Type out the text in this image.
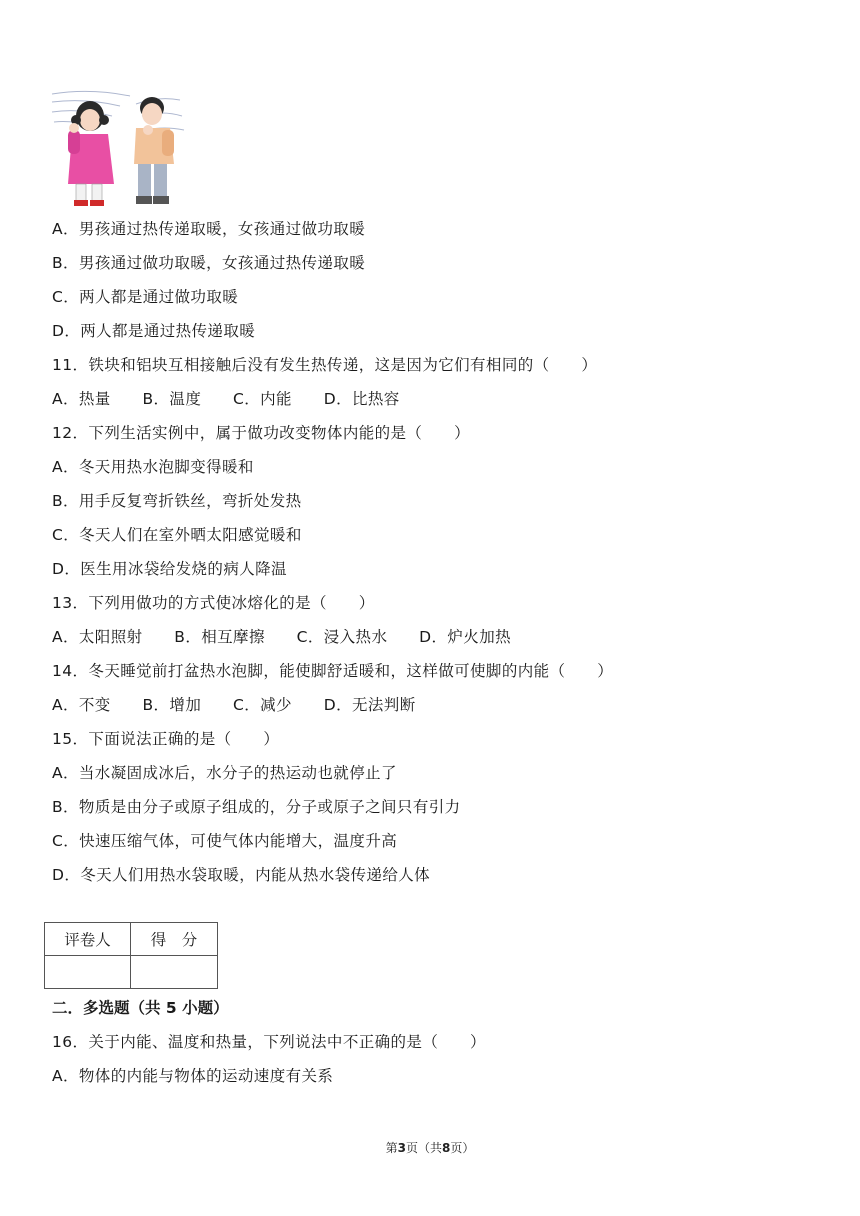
A．男孩通过热传递取暖，女孩通过做功取暖
B．男孩通过做功取暖，女孩通过热传递取暖
C．两人都是通过做功取暖
D．两人都是通过热传递取暖
11．铁块和铝块互相接触后没有发生热传递，这是因为它们有相同的（　　）
A．热量　　B．温度　　C．内能　　D．比热容
12．下列生活实例中，属于做功改变物体内能的是（　　）
A．冬天用热水泡脚变得暖和
B．用手反复弯折铁丝，弯折处发热
C．冬天人们在室外晒太阳感觉暖和
D．医生用冰袋给发烧的病人降温
13．下列用做功的方式使冰熔化的是（　　）
A．太阳照射　　B．相互摩擦　　C．浸入热水　　D．炉火加热
14．冬天睡觉前打盆热水泡脚，能使脚舒适暖和，这样做可使脚的内能（　　）
A．不变　　B．增加　　C．减少　　D．无法判断
15．下面说法正确的是（　　）
A．当水凝固成冰后，水分子的热运动也就停止了
B．物质是由分子或原子组成的，分子或原子之间只有引力
C．快速压缩气体，可使气体内能增大，温度升高
D．冬天人们用热水袋取暖，内能从热水袋传递给人体
评卷人	得　分

二．多选题（共 5 小题）
16．关于内能、温度和热量，下列说法中不正确的是（　　）
A．物体的内能与物体的运动速度有关系
第3页（共8页）
